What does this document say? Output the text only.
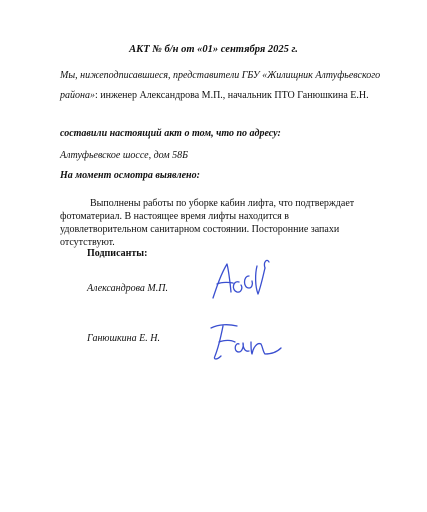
АКТ № б/н от «01» сентября 2025 г.
Мы, нижеподписавшиеся, представители ГБУ «Жилищник Алтуфьевского
района»: инженер Александрова М.П., начальник ПТО Ганюшкина Е.Н.
составили настоящий акт о том, что по адресу:
Алтуфьевское шоссе, дом 58Б
На момент осмотра выявлено:
Выполнены работы по уборке кабин лифта, что подтверждает фотоматериал. В настоящее время лифты находится в удовлетворительном санитарном состоянии. Посторонние запахи отсутствуют.
Подписанты:
Александрова М.П.
Ганюшкина Е. Н.
